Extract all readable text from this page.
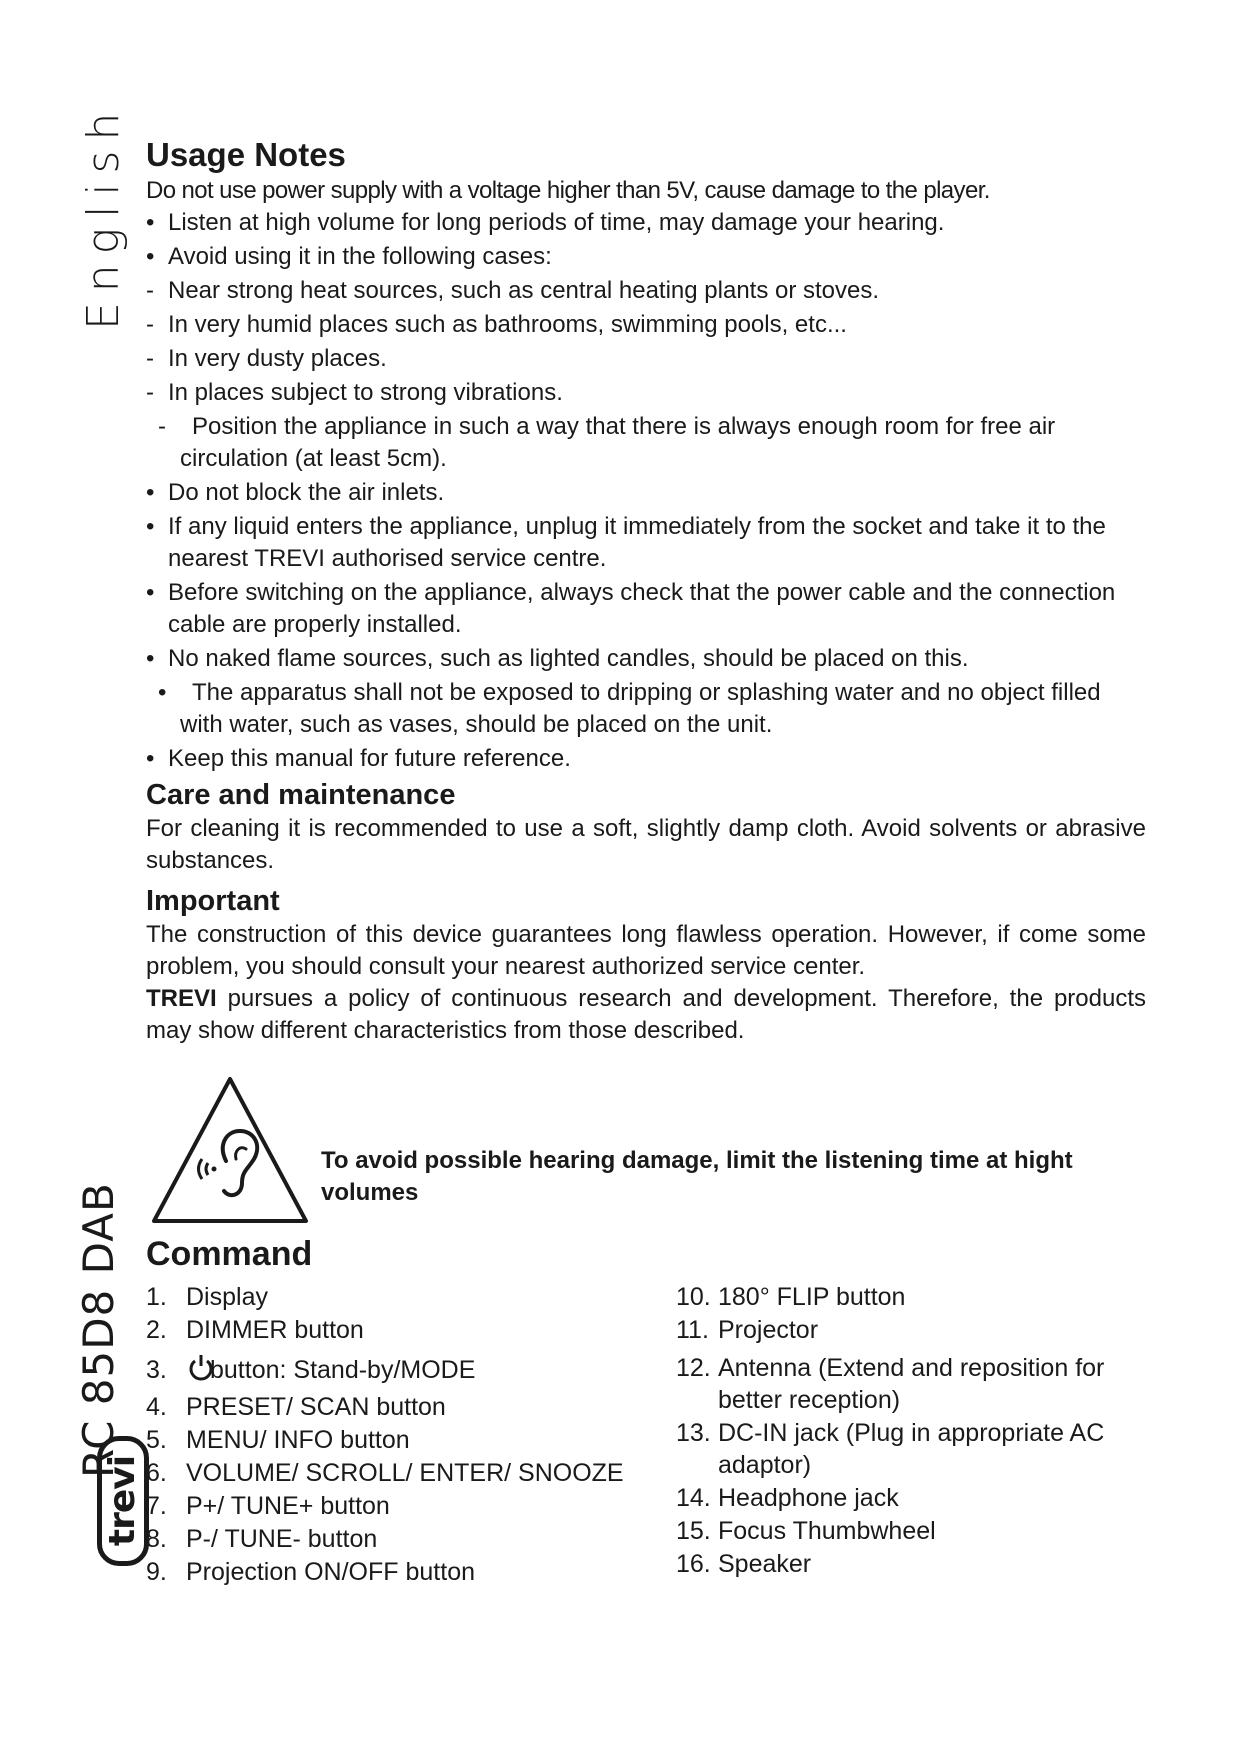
English
RC 85D8 DAB
trevi
Usage Notes
Do not use power supply with a voltage higher than 5V, cause damage to the player.
• Listen at high volume for long periods of time, may damage your hearing.
• Avoid using it in the following cases:
- Near strong heat sources, such as central heating plants or stoves.
- In very humid places such as bathrooms, swimming pools, etc...
- In very dusty places.
- In places subject to strong vibrations.
- Position the appliance in such a way that there is always enough room for free air circulation (at least 5cm).
• Do not block the air inlets.
• If any liquid enters the appliance, unplug it immediately from the socket and take it to the nearest TREVI authorised service centre.
• Before switching on the appliance, always check that the power cable and the connection cable are properly installed.
• No naked flame sources, such as lighted candles, should be placed on this.
• The apparatus shall not be exposed to dripping or splashing water and no object filled with water, such as vases, should be placed on the unit.
• Keep this manual for future reference.
Care and maintenance

For cleaning it is recommended to use a soft, slightly damp cloth. Avoid solvents or abrasive substances.

Important

The construction of this device guarantees long flawless operation. However, if come some problem, you should consult your nearest authorized service center.
TREVI pursues a policy of continuous research and development. Therefore, the products may show different characteristics from those described.

To avoid possible hearing damage, limit the listening time at hight volumes
Command
1. Display
2. DIMMER button
3. button: Stand-by/MODE
4. PRESET/ SCAN button
5. MENU/ INFO button
6. VOLUME/ SCROLL/ ENTER/ SNOOZE
7. P+/ TUNE+ button
8. P-/ TUNE- button
9. Projection ON/OFF button
10. 180° FLIP button
11. Projector
12. Antenna (Extend and reposition for
better reception)
13. DC-IN jack (Plug in appropriate AC
adaptor)
14. Headphone jack
15. Focus Thumbwheel
16. Speaker
